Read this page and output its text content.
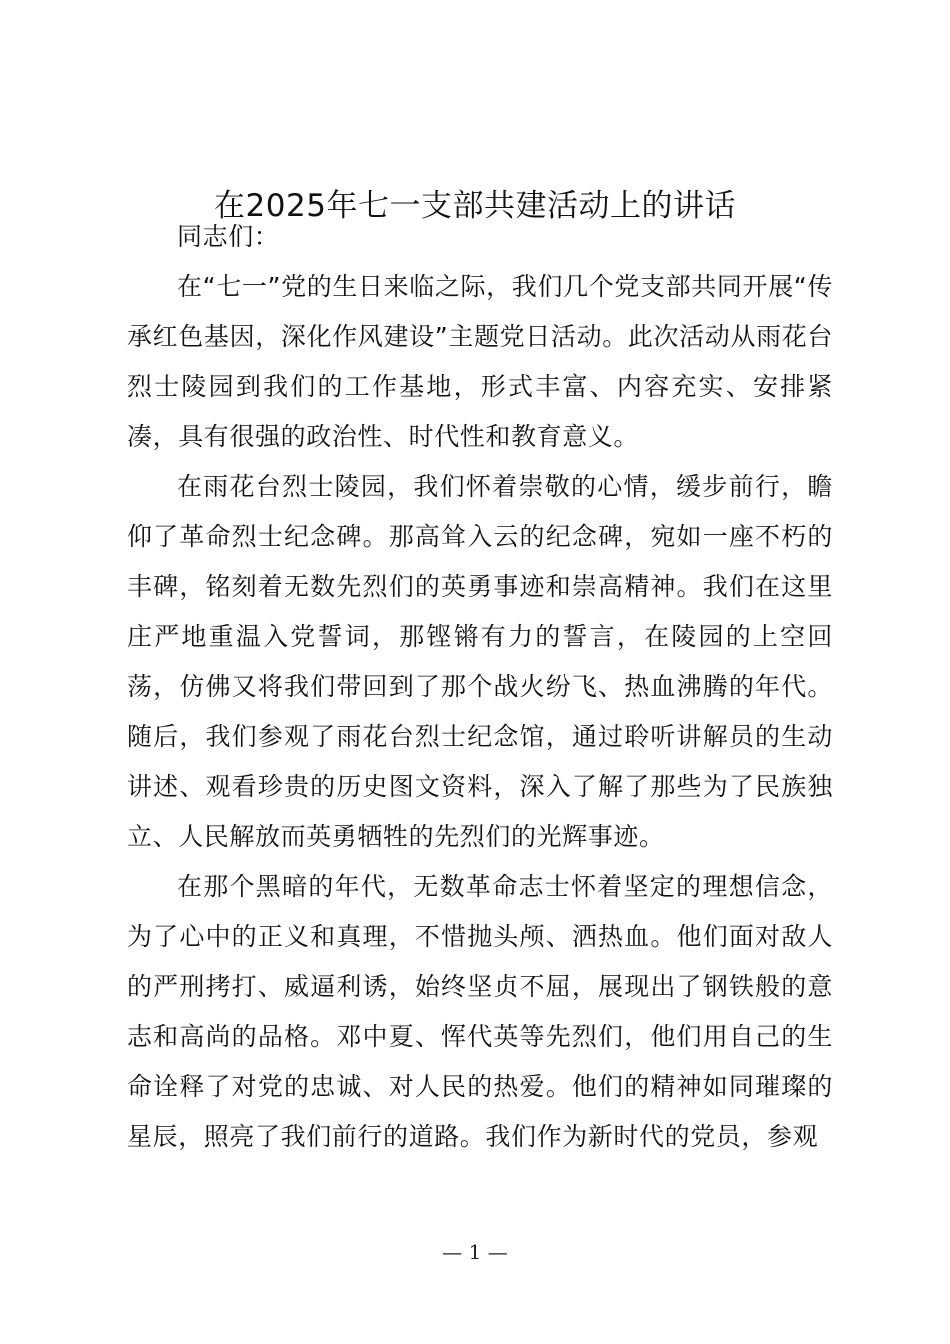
在2025年七一支部共建活动上的讲话

同志们：

在“七一”党的生日来临之际，我们几个党支部共同开展“传承红色基因，深化作风建设”主题党日活动。此次活动从雨花台烈士陵园到我们的工作基地，形式丰富、内容充实、安排紧凑，具有很强的政治性、时代性和教育意义。

在雨花台烈士陵园，我们怀着崇敬的心情，缓步前行，瞻仰了革命烈士纪念碑。那高耸入云的纪念碑，宛如一座不朽的丰碑，铭刻着无数先烈们的英勇事迹和崇高精神。我们在这里庄严地重温入党誓词，那铿锵有力的誓言，在陵园的上空回荡，仿佛又将我们带回到了那个战火纷飞、热血沸腾的年代。随后，我们参观了雨花台烈士纪念馆，通过聆听讲解员的生动讲述、观看珍贵的历史图文资料，深入了解了那些为了民族独立、人民解放而英勇牺牲的先烈们的光辉事迹。

在那个黑暗的年代，无数革命志士怀着坚定的理想信念，为了心中的正义和真理，不惜抛头颅、洒热血。他们面对敌人的严刑拷打、威逼利诱，始终坚贞不屈，展现出了钢铁般的意志和高尚的品格。邓中夏、恽代英等先烈们，他们用自己的生命诠释了对党的忠诚、对人民的热爱。他们的精神如同璀璨的星辰，照亮了我们前行的道路。我们作为新时代的党员，参观

— 1 —
